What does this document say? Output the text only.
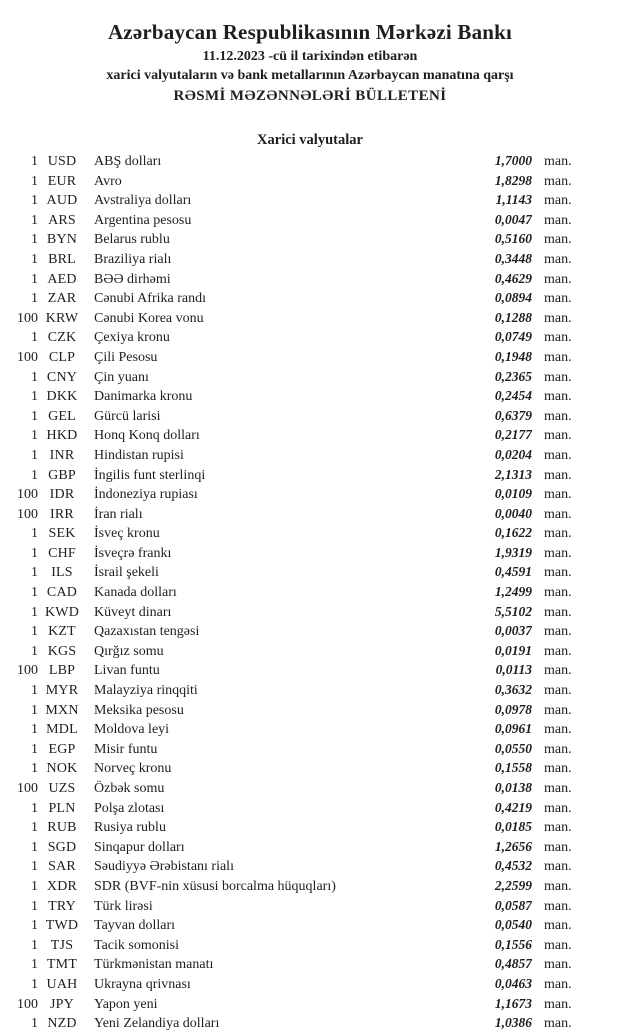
Azərbaycan Respublikasının Mərkəzi Bankı
11.12.2023 -cü il tarixindən etibarən
xarici valyutaların və bank metallarının Azərbaycan manatına qarşı
RƏSMİ MƏZƏNNƏLƏRİ BÜLLETENİ
Xarici valyutalar
1	USD	ABŞ dolları	1,7000	man.
1	EUR	Avro	1,8298	man.
1	AUD	Avstraliya dolları	1,1143	man.
1	ARS	Argentina pesosu	0,0047	man.
1	BYN	Belarus rublu	0,5160	man.
1	BRL	Braziliya rialı	0,3448	man.
1	AED	BƏƏ dirhəmi	0,4629	man.
1	ZAR	Cənubi Afrika randı	0,0894	man.
100	KRW	Cənubi Korea vonu	0,1288	man.
1	CZK	Çexiya kronu	0,0749	man.
100	CLP	Çili Pesosu	0,1948	man.
1	CNY	Çin yuanı	0,2365	man.
1	DKK	Danimarka kronu	0,2454	man.
1	GEL	Gürcü larisi	0,6379	man.
1	HKD	Honq Konq dolları	0,2177	man.
1	INR	Hindistan rupisi	0,0204	man.
1	GBP	İngilis funt sterlinqi	2,1313	man.
100	IDR	İndoneziya rupiası	0,0109	man.
100	IRR	İran rialı	0,0040	man.
1	SEK	İsveç kronu	0,1622	man.
1	CHF	İsveçrə frankı	1,9319	man.
1	ILS	İsrail şekeli	0,4591	man.
1	CAD	Kanada dolları	1,2499	man.
1	KWD	Küveyt dinarı	5,5102	man.
1	KZT	Qazaxıstan tengəsi	0,0037	man.
1	KGS	Qırğız somu	0,0191	man.
100	LBP	Livan funtu	0,0113	man.
1	MYR	Malayziya rinqqiti	0,3632	man.
1	MXN	Meksika pesosu	0,0978	man.
1	MDL	Moldova leyi	0,0961	man.
1	EGP	Misir funtu	0,0550	man.
1	NOK	Norveç kronu	0,1558	man.
100	UZS	Özbək somu	0,0138	man.
1	PLN	Polşa zlotası	0,4219	man.
1	RUB	Rusiya rublu	0,0185	man.
1	SGD	Sinqapur dolları	1,2656	man.
1	SAR	Səudiyyə Ərəbistanı rialı	0,4532	man.
1	XDR	SDR (BVF-nin xüsusi borcalma hüquqları)	2,2599	man.
1	TRY	Türk lirəsi	0,0587	man.
1	TWD	Tayvan dolları	0,0540	man.
1	TJS	Tacik somonisi	0,1556	man.
1	TMT	Türkmənistan manatı	0,4857	man.
1	UAH	Ukrayna qrivnası	0,0463	man.
100	JPY	Yapon yeni	1,1673	man.
1	NZD	Yeni Zelandiya dolları	1,0386	man.
